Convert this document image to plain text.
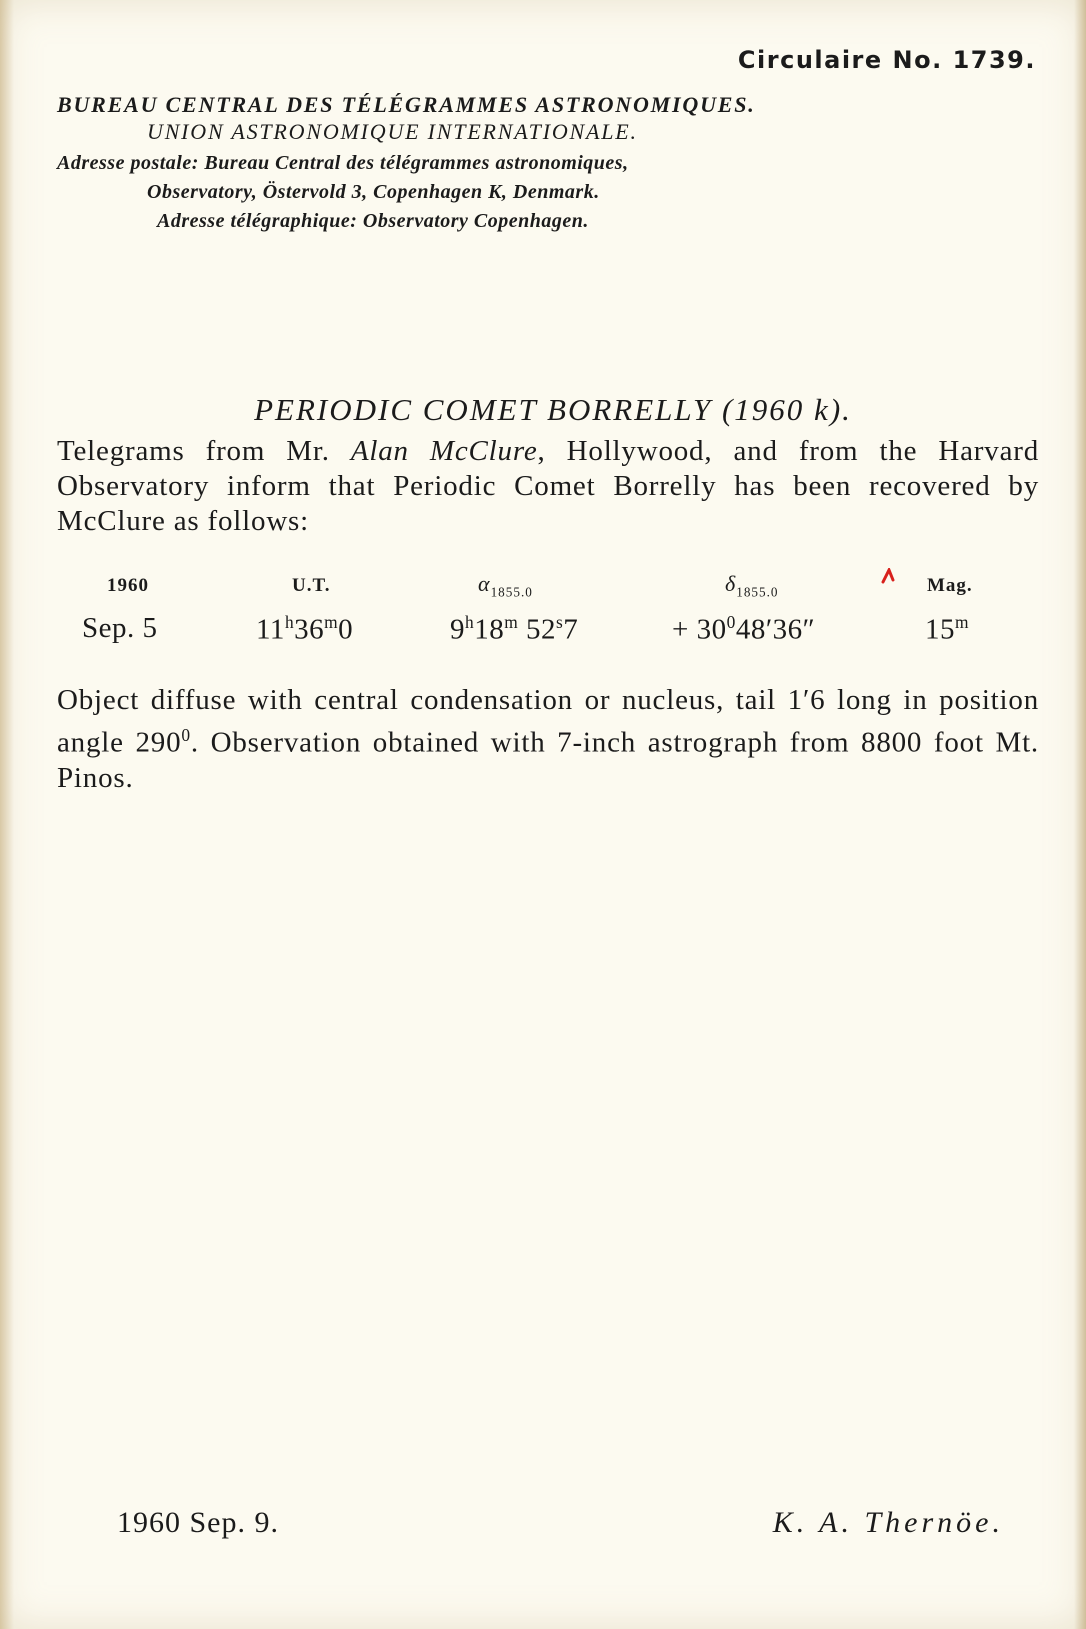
Circulaire No. 1739.
BUREAU CENTRAL DES TÉLÉGRAMMES ASTRONOMIQUES.
UNION ASTRONOMIQUE INTERNATIONALE.
Adresse postale: Bureau Central des télégrammes astronomiques,
Observatory, Östervold 3, Copenhagen K, Denmark.
Adresse télégraphique: Observatory Copenhagen.
PERIODIC COMET BORRELLY (1960 k).
Telegrams from Mr. Alan McClure, Hollywood, and from the Harvard Observatory inform that Periodic Comet Borrelly has been recovered by McClure as follows:
1960	U.T.	$\alpha_{1855.0}$	$\delta_{1855.0}$	Mag.
Sep. 5	11$^h$36$^m$0	9$^h$18$^m$ $52^s7$	+ $30^048'36''$	15$^m$
Object diffuse with central condensation or nucleus, tail 1′6 long in position angle $290^0$. Observation obtained with 7-inch astrograph from 8800 foot Mt. Pinos.
1960 Sep. 9.	K. A. Thernöe.
